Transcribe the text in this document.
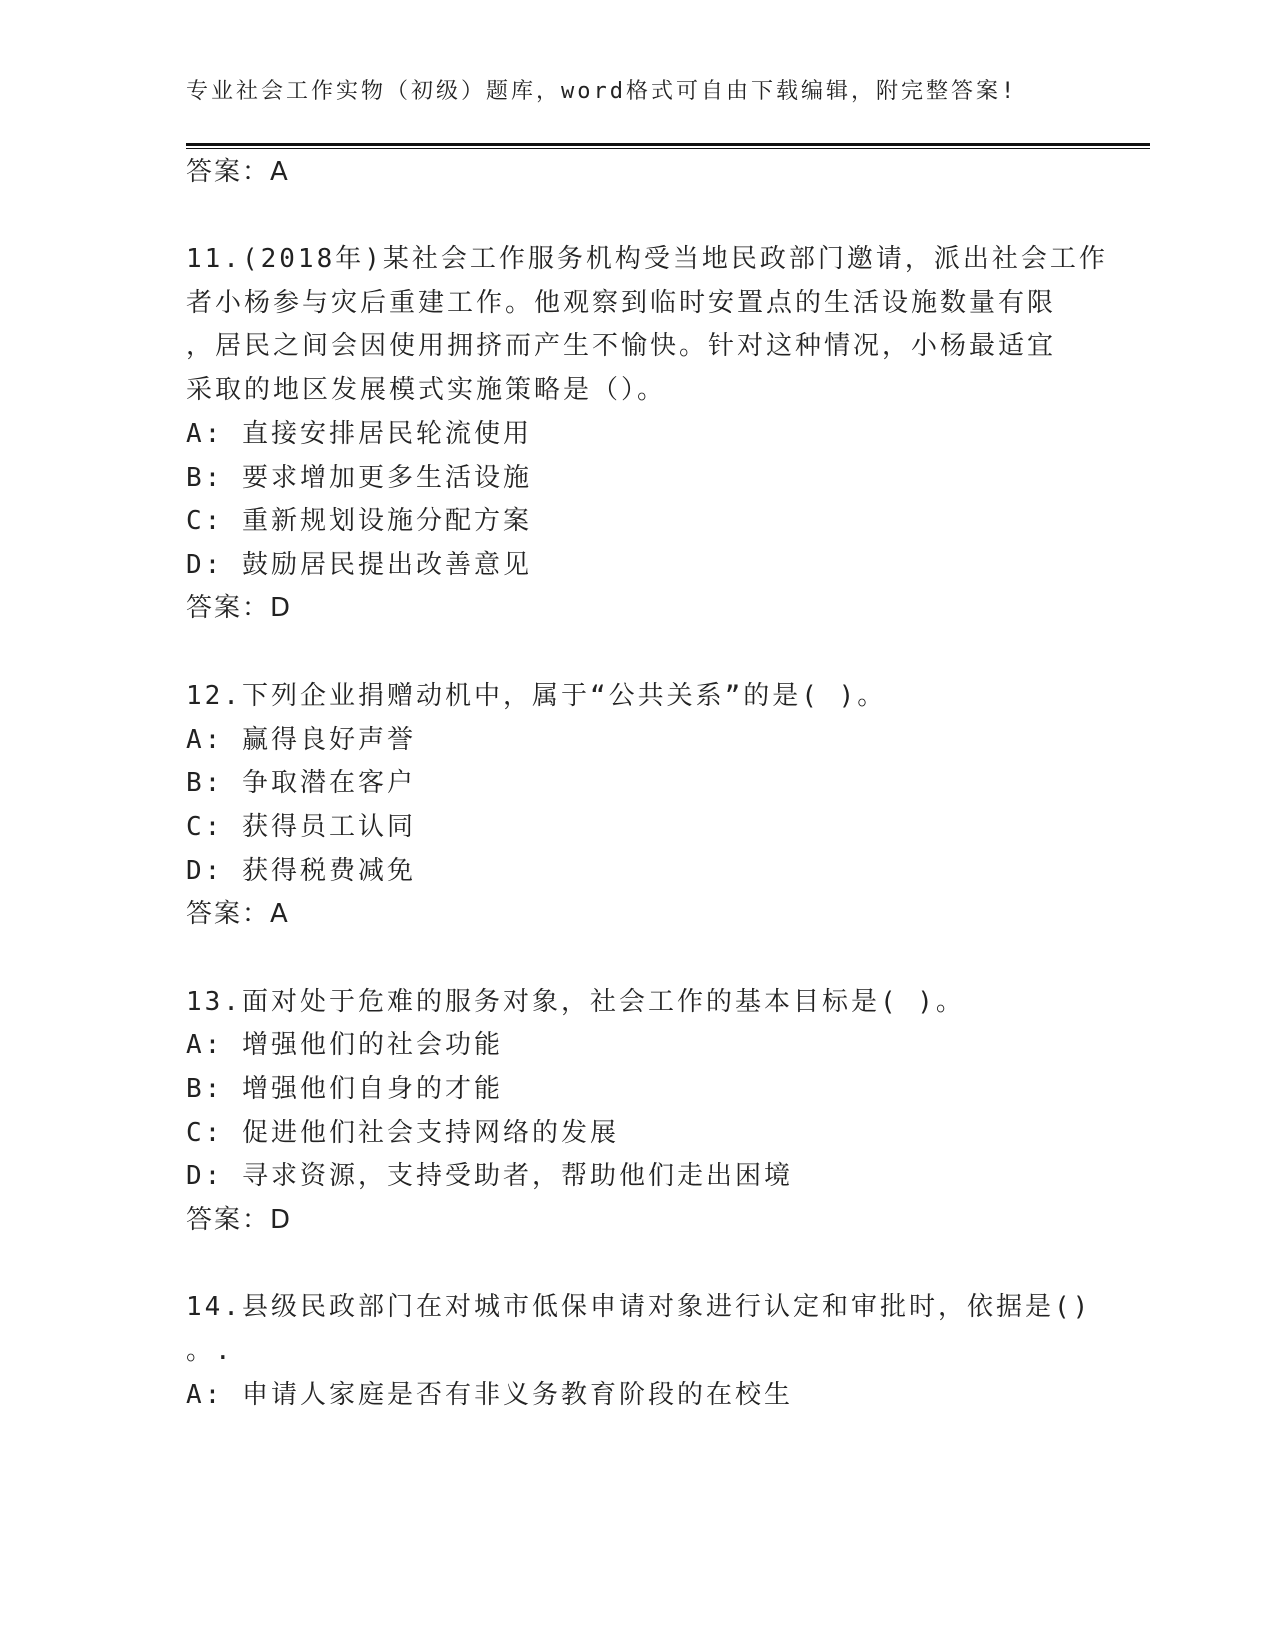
专业社会工作实物（初级）题库，word格式可自由下载编辑，附完整答案!
答案：A
11.(2018年)某社会工作服务机构受当地民政部门邀请，派出社会工作
者小杨参与灾后重建工作。他观察到临时安置点的生活设施数量有限
，居民之间会因使用拥挤而产生不愉快。针对这种情况，小杨最适宜
采取的地区发展模式实施策略是（）。
A: 直接安排居民轮流使用
B: 要求增加更多生活设施
C: 重新规划设施分配方案
D: 鼓励居民提出改善意见
答案：D
12.下列企业捐赠动机中，属于“公共关系”的是( )。
A: 赢得良好声誉
B: 争取潜在客户
C: 获得员工认同
D: 获得税费减免
答案：A
13.面对处于危难的服务对象，社会工作的基本目标是( )。
A: 增强他们的社会功能
B: 增强他们自身的才能
C: 促进他们社会支持网络的发展
D: 寻求资源，支持受助者，帮助他们走出困境
答案：D
14.县级民政部门在对城市低保申请对象进行认定和审批时，依据是()
。.
A: 申请人家庭是否有非义务教育阶段的在校生
